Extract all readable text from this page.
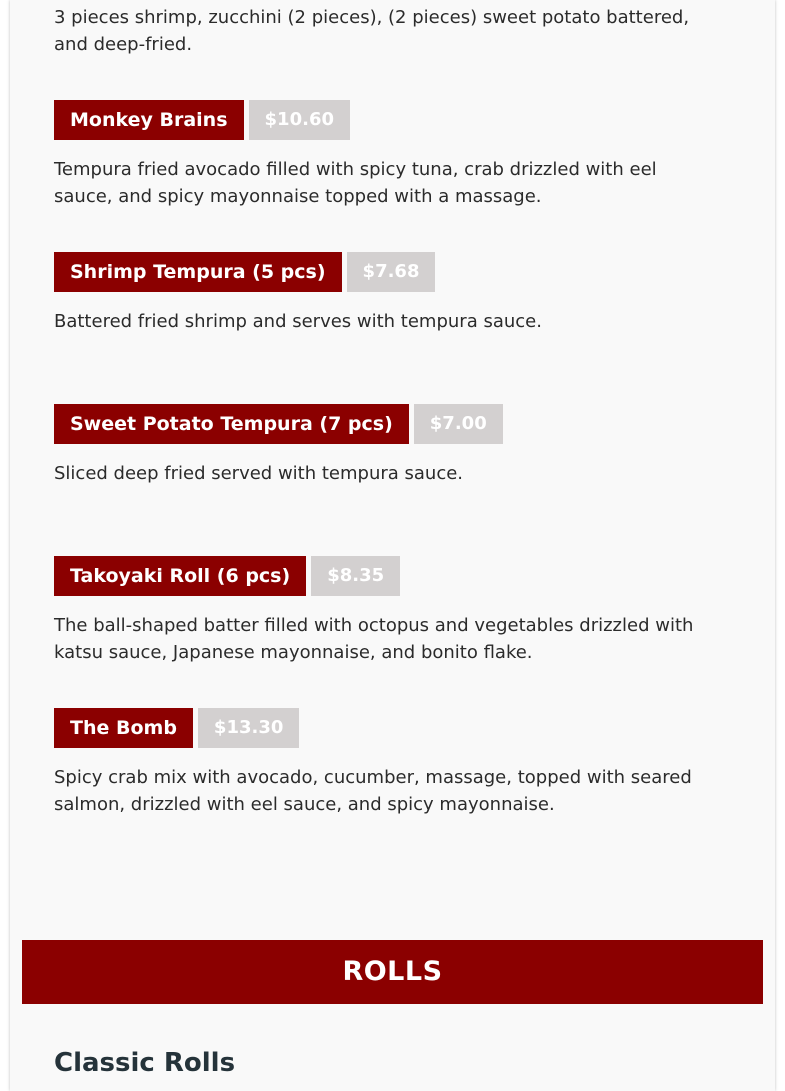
3 pieces shrimp, zucchini (2 pieces), (2 pieces) sweet potato battered, and deep-fried.
Monkey Brains	$10.60
Tempura fried avocado filled with spicy tuna, crab drizzled with eel sauce, and spicy mayonnaise topped with a massage.
Shrimp Tempura (5 pcs)	$7.68
Battered fried shrimp and serves with tempura sauce.
Sweet Potato Tempura (7 pcs)	$7.00
Sliced deep fried served with tempura sauce.
Takoyaki Roll (6 pcs)	$8.35
The ball-shaped batter filled with octopus and vegetables drizzled with katsu sauce, Japanese mayonnaise, and bonito flake.
The Bomb	$13.30
Spicy crab mix with avocado, cucumber, massage, topped with seared salmon, drizzled with eel sauce, and spicy mayonnaise.
ROLLS
Classic Rolls
